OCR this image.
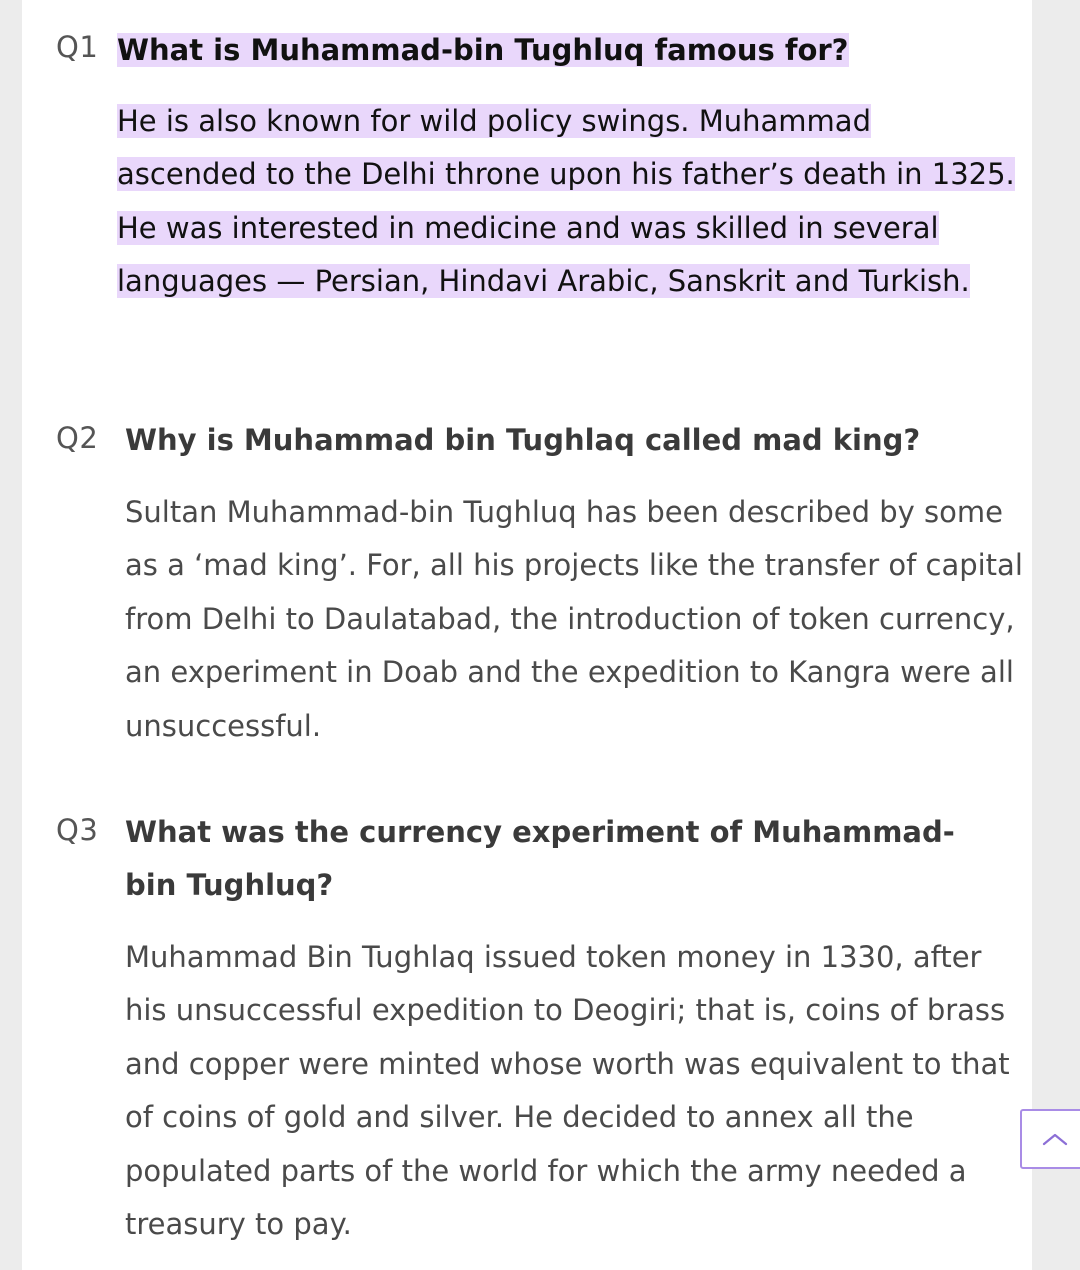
Q1 What is Muhammad-bin Tughluq famous for?
He is also known for wild policy swings. Muhammad ascended to the Delhi throne upon his father’s death in 1325. He was interested in medicine and was skilled in several languages — Persian, Hindavi Arabic, Sanskrit and Turkish.
Q2 Why is Muhammad bin Tughlaq called mad king?
Sultan Muhammad-bin Tughluq has been described by some as a ‘mad king’. For, all his projects like the transfer of capital from Delhi to Daulatabad, the introduction of token currency, an experiment in Doab and the expedition to Kangra were all unsuccessful.
Q3 What was the currency experiment of Muhammad-bin Tughluq?
Muhammad Bin Tughlaq issued token money in 1330, after his unsuccessful expedition to Deogiri; that is, coins of brass and copper were minted whose worth was equivalent to that of coins of gold and silver. He decided to annex all the populated parts of the world for which the army needed a treasury to pay.
